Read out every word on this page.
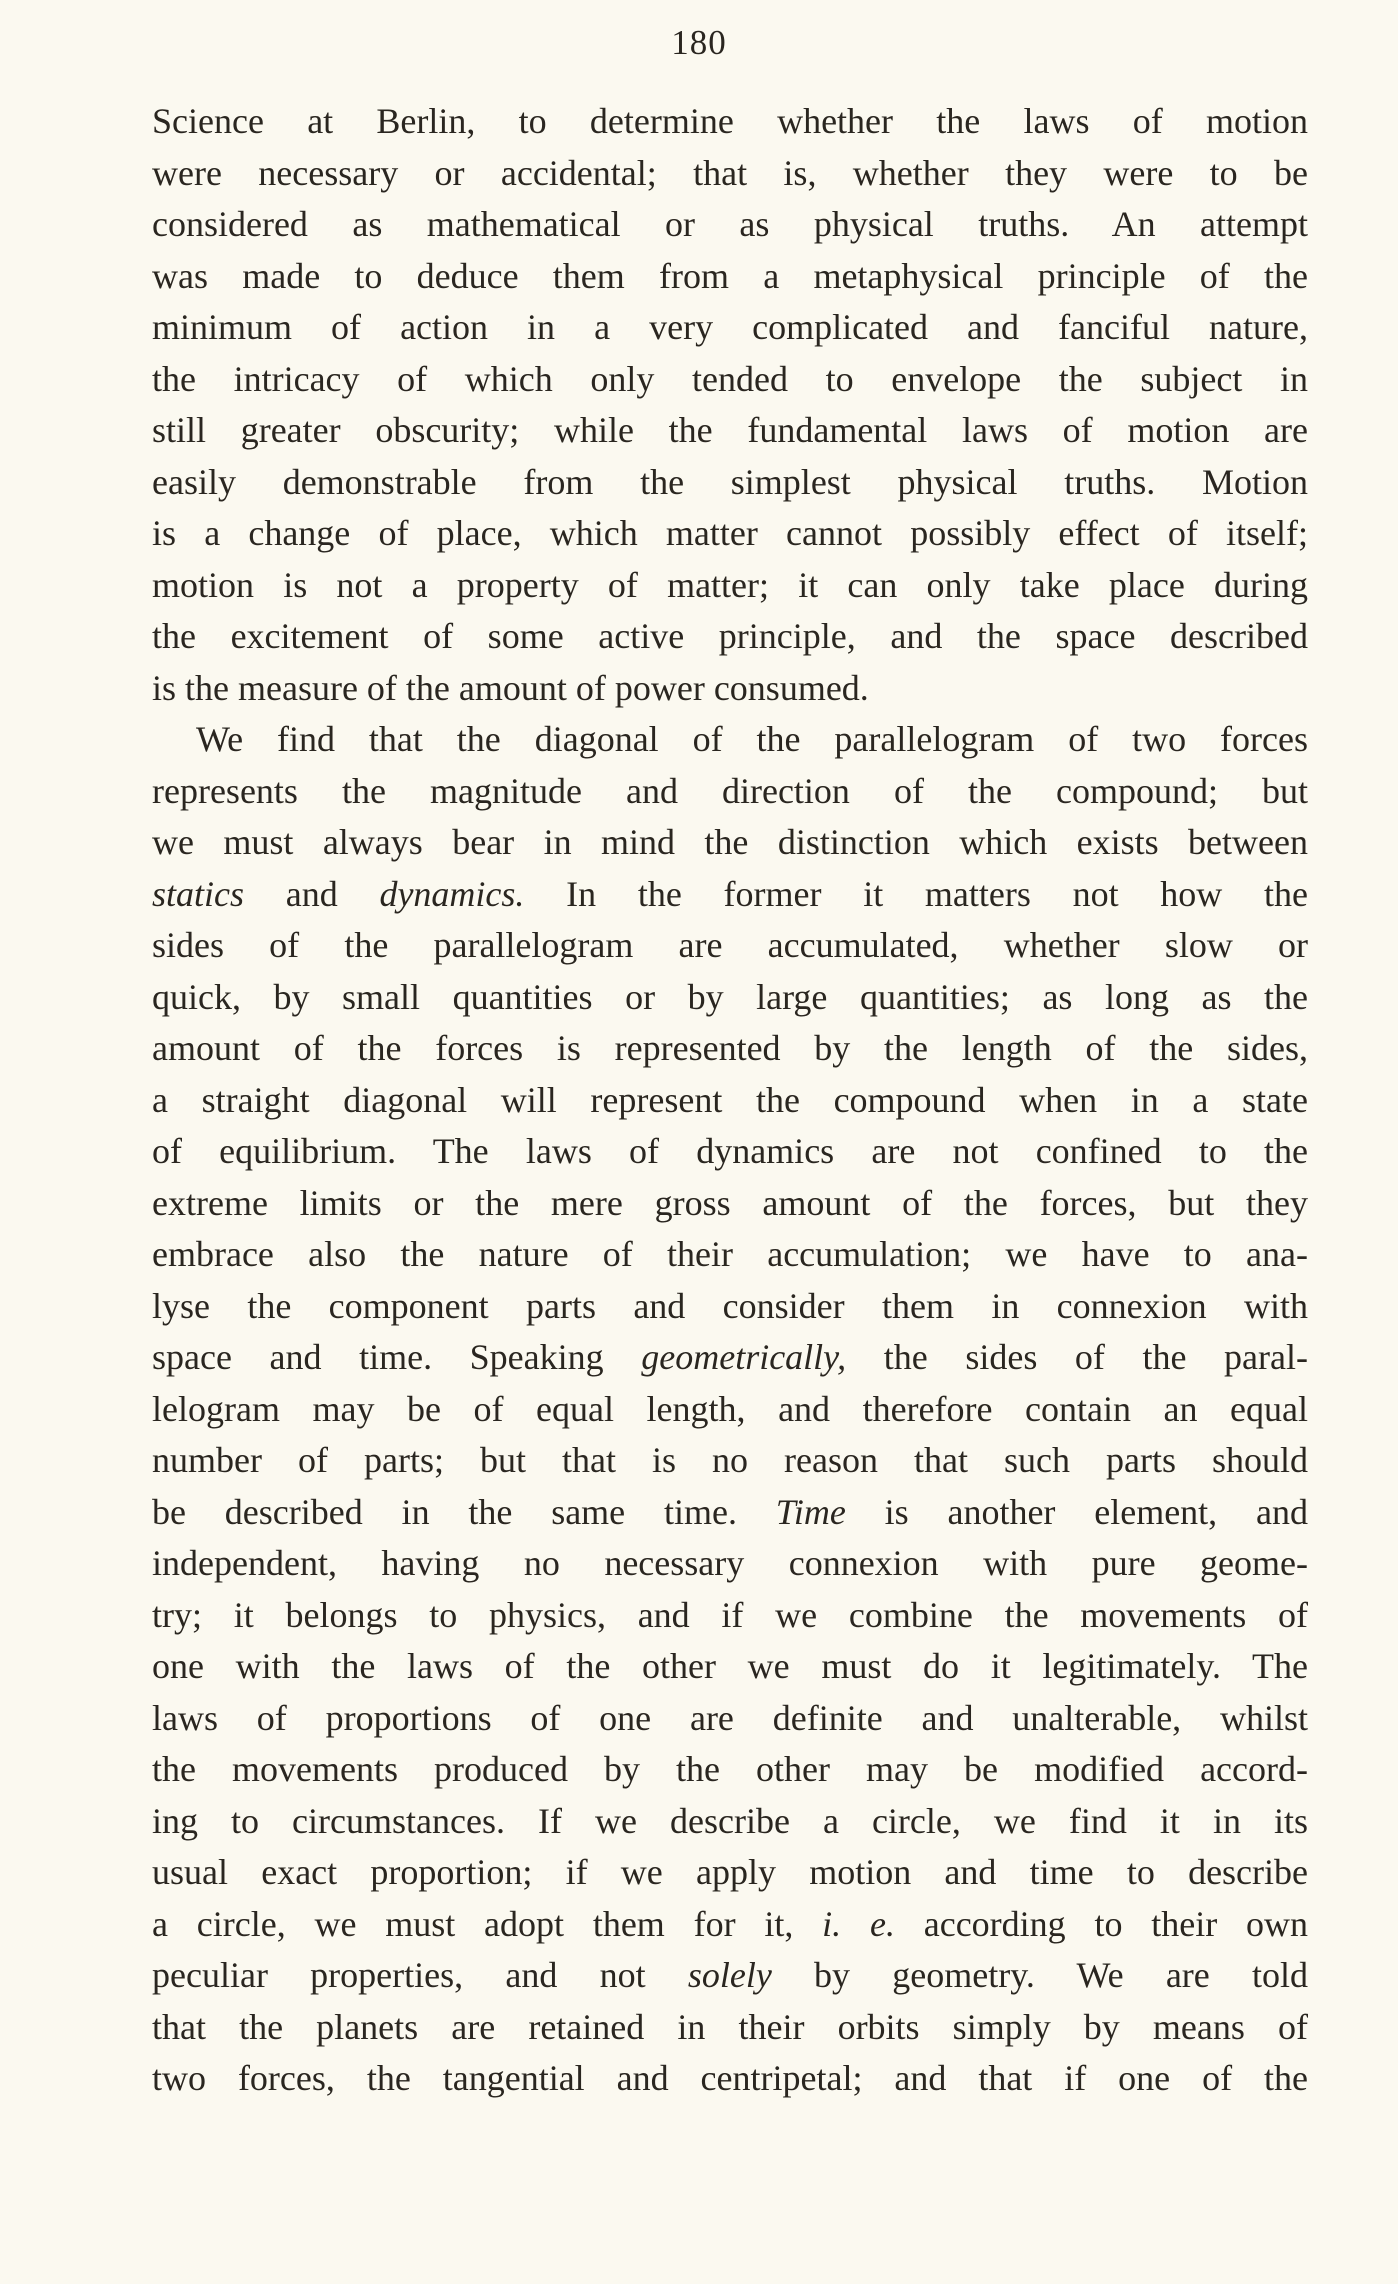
180
Science at Berlin, to determine whether the laws of motion
were necessary or accidental; that is, whether they were to be
considered as mathematical or as physical truths. An attempt
was made to deduce them from a metaphysical principle of the
minimum of action in a very complicated and fanciful nature,
the intricacy of which only tended to envelope the subject in
still greater obscurity; while the fundamental laws of motion are
easily demonstrable from the simplest physical truths. Motion
is a change of place, which matter cannot possibly effect of itself;
motion is not a property of matter; it can only take place during
the excitement of some active principle, and the space described
is the measure of the amount of power consumed.
We find that the diagonal of the parallelogram of two forces
represents the magnitude and direction of the compound; but
we must always bear in mind the distinction which exists between
statics and dynamics. In the former it matters not how the
sides of the parallelogram are accumulated, whether slow or
quick, by small quantities or by large quantities; as long as the
amount of the forces is represented by the length of the sides,
a straight diagonal will represent the compound when in a state
of equilibrium. The laws of dynamics are not confined to the
extreme limits or the mere gross amount of the forces, but they
embrace also the nature of their accumulation; we have to ana-
lyse the component parts and consider them in connexion with
space and time. Speaking geometrically, the sides of the paral-
lelogram may be of equal length, and therefore contain an equal
number of parts; but that is no reason that such parts should
be described in the same time. Time is another element, and
independent, having no necessary connexion with pure geome-
try; it belongs to physics, and if we combine the movements of
one with the laws of the other we must do it legitimately. The
laws of proportions of one are definite and unalterable, whilst
the movements produced by the other may be modified accord-
ing to circumstances. If we describe a circle, we find it in its
usual exact proportion; if we apply motion and time to describe
a circle, we must adopt them for it, i. e. according to their own
peculiar properties, and not solely by geometry. We are told
that the planets are retained in their orbits simply by means of
two forces, the tangential and centripetal; and that if one of the
